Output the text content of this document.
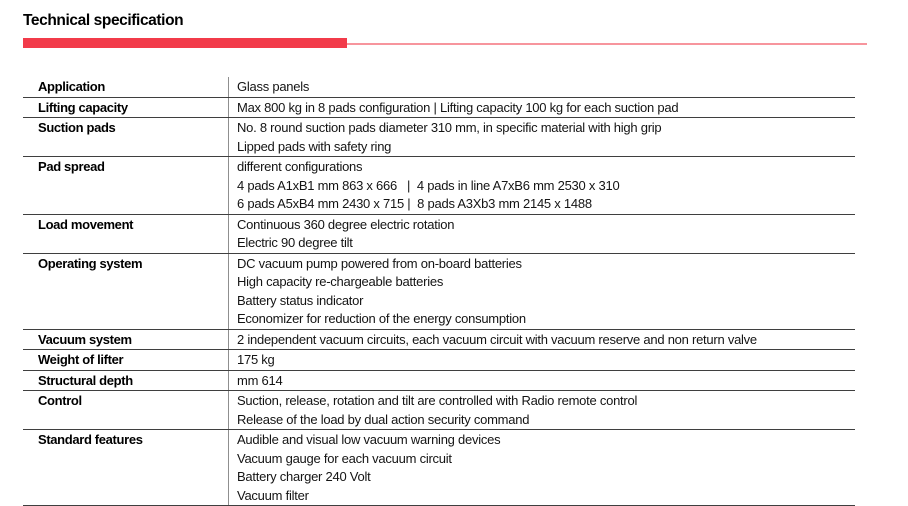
Technical specification
Application	Glass panels
Lifting capacity	Max 800 kg in 8 pads configuration | Lifting capacity 100 kg for each suction pad
Suction pads	No. 8 round suction pads diameter 310 mm, in specific material with high grip
Lipped pads with safety ring
Pad spread	different configurations
4 pads A1xB1 mm 863 x 666   |  4 pads in line A7xB6 mm 2530 x 310
6 pads A5xB4 mm 2430 x 715 |  8 pads A3Xb3 mm 2145 x 1488
Load movement	Continuous 360 degree electric rotation
Electric 90 degree tilt
Operating system	DC vacuum pump powered from on-board batteries
High capacity re-chargeable batteries
Battery status indicator
Economizer for reduction of the energy consumption
Vacuum system	2 independent vacuum circuits, each vacuum circuit with vacuum reserve and non return valve
Weight of lifter	175 kg
Structural depth	mm 614
Control	Suction, release, rotation and tilt are controlled with Radio remote control
Release of the load by dual action security command
Standard features	Audible and visual low vacuum warning devices
Vacuum gauge for each vacuum circuit
Battery charger 240 Volt
Vacuum filter
